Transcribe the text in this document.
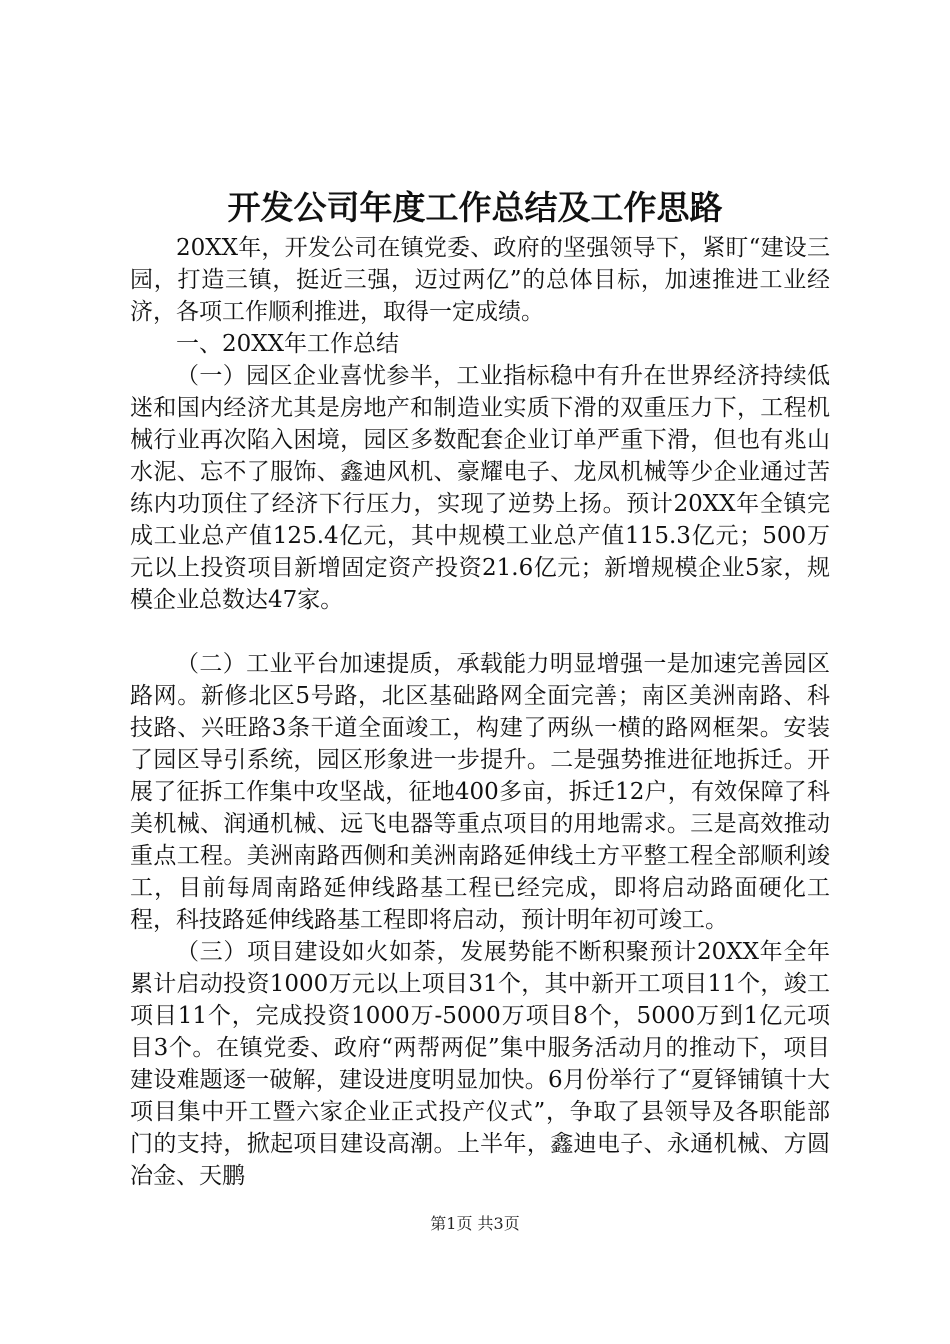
开发公司年度工作总结及工作思路

20XX年，开发公司在镇党委、政府的坚强领导下，紧盯“建设三园，打造三镇，挺近三强，迈过两亿”的总体目标，加速推进工业经济，各项工作顺利推进，取得一定成绩。

一、20XX年工作总结

（一）园区企业喜忧参半，工业指标稳中有升在世界经济持续低迷和国内经济尤其是房地产和制造业实质下滑的双重压力下，工程机械行业再次陷入困境，园区多数配套企业订单严重下滑，但也有兆山水泥、忘不了服饰、鑫迪风机、豪耀电子、龙凤机械等少企业通过苦练内功顶住了经济下行压力，实现了逆势上扬。预计20XX年全镇完成工业总产值125.4亿元，其中规模工业总产值115.3亿元；500万元以上投资项目新增固定资产投资21.6亿元；新增规模企业5家，规模企业总数达47家。

（二）工业平台加速提质，承载能力明显增强一是加速完善园区路网。新修北区5号路，北区基础路网全面完善；南区美洲南路、科技路、兴旺路3条干道全面竣工，构建了两纵一横的路网框架。安装了园区导引系统，园区形象进一步提升。二是强势推进征地拆迁。开展了征拆工作集中攻坚战，征地400多亩，拆迁12户，有效保障了科美机械、润通机械、远飞电器等重点项目的用地需求。三是高效推动重点工程。美洲南路西侧和美洲南路延伸线土方平整工程全部顺利竣工，目前每周南路延伸线路基工程已经完成，即将启动路面硬化工程，科技路延伸线路基工程即将启动，预计明年初可竣工。

（三）项目建设如火如荼，发展势能不断积聚预计20XX年全年累计启动投资1000万元以上项目31个，其中新开工项目11个，竣工项目11个，完成投资1000万-5000万项目8个，5000万到1亿元项目3个。在镇党委、政府“两帮两促”集中服务活动月的推动下，项目建设难题逐一破解，建设进度明显加快。6月份举行了“夏铎铺镇十大项目集中开工暨六家企业正式投产仪式”，争取了县领导及各职能部门的支持，掀起项目建设高潮。上半年，鑫迪电子、永通机械、方圆冶金、天鹏

第1页 共3页
